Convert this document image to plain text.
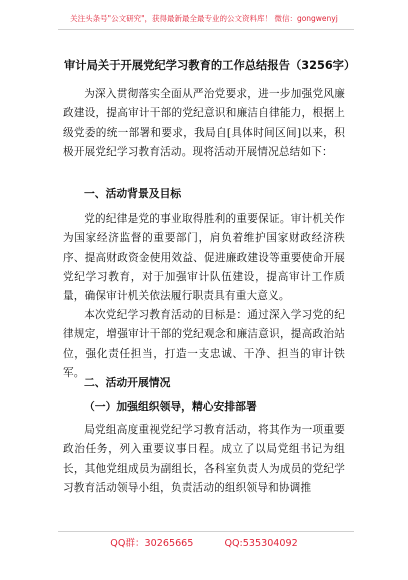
关注头条号"公文研究"，获得最新最全最专业的公文资料库！ 微信：gongwenyj
审计局关于开展党纪学习教育的工作总结报告（3256字）

为深入贯彻落实全面从严治党要求，进一步加强党风廉政建设，提高审计干部的党纪意识和廉洁自律能力，根据上级党委的统一部署和要求，我局自[具体时间区间]以来，积极开展党纪学习教育活动。现将活动开展情况总结如下：

一、活动背景及目标

党的纪律是党的事业取得胜利的重要保证。审计机关作为国家经济监督的重要部门，肩负着维护国家财政经济秩序、提高财政资金使用效益、促进廉政建设等重要使命开展党纪学习教育，对于加强审计队伍建设，提高审计工作质量，确保审计机关依法履行职责具有重大意义。

本次党纪学习教育活动的目标是：通过深入学习党的纪律规定，增强审计干部的党纪观念和廉洁意识，提高政治站位，强化责任担当，打造一支忠诚、干净、担当的审计铁军。

二、活动开展情况
（一）加强组织领导，精心安排部署

局党组高度重视党纪学习教育活动，将其作为一项重要政治任务，列入重要议事日程。成立了以局党组书记为组长，其他党组成员为副组长，各科室负责人为成员的党纪学习教育活动领导小组，负责活动的组织领导和协调推

QQ群：30265665	QQ:535304092
